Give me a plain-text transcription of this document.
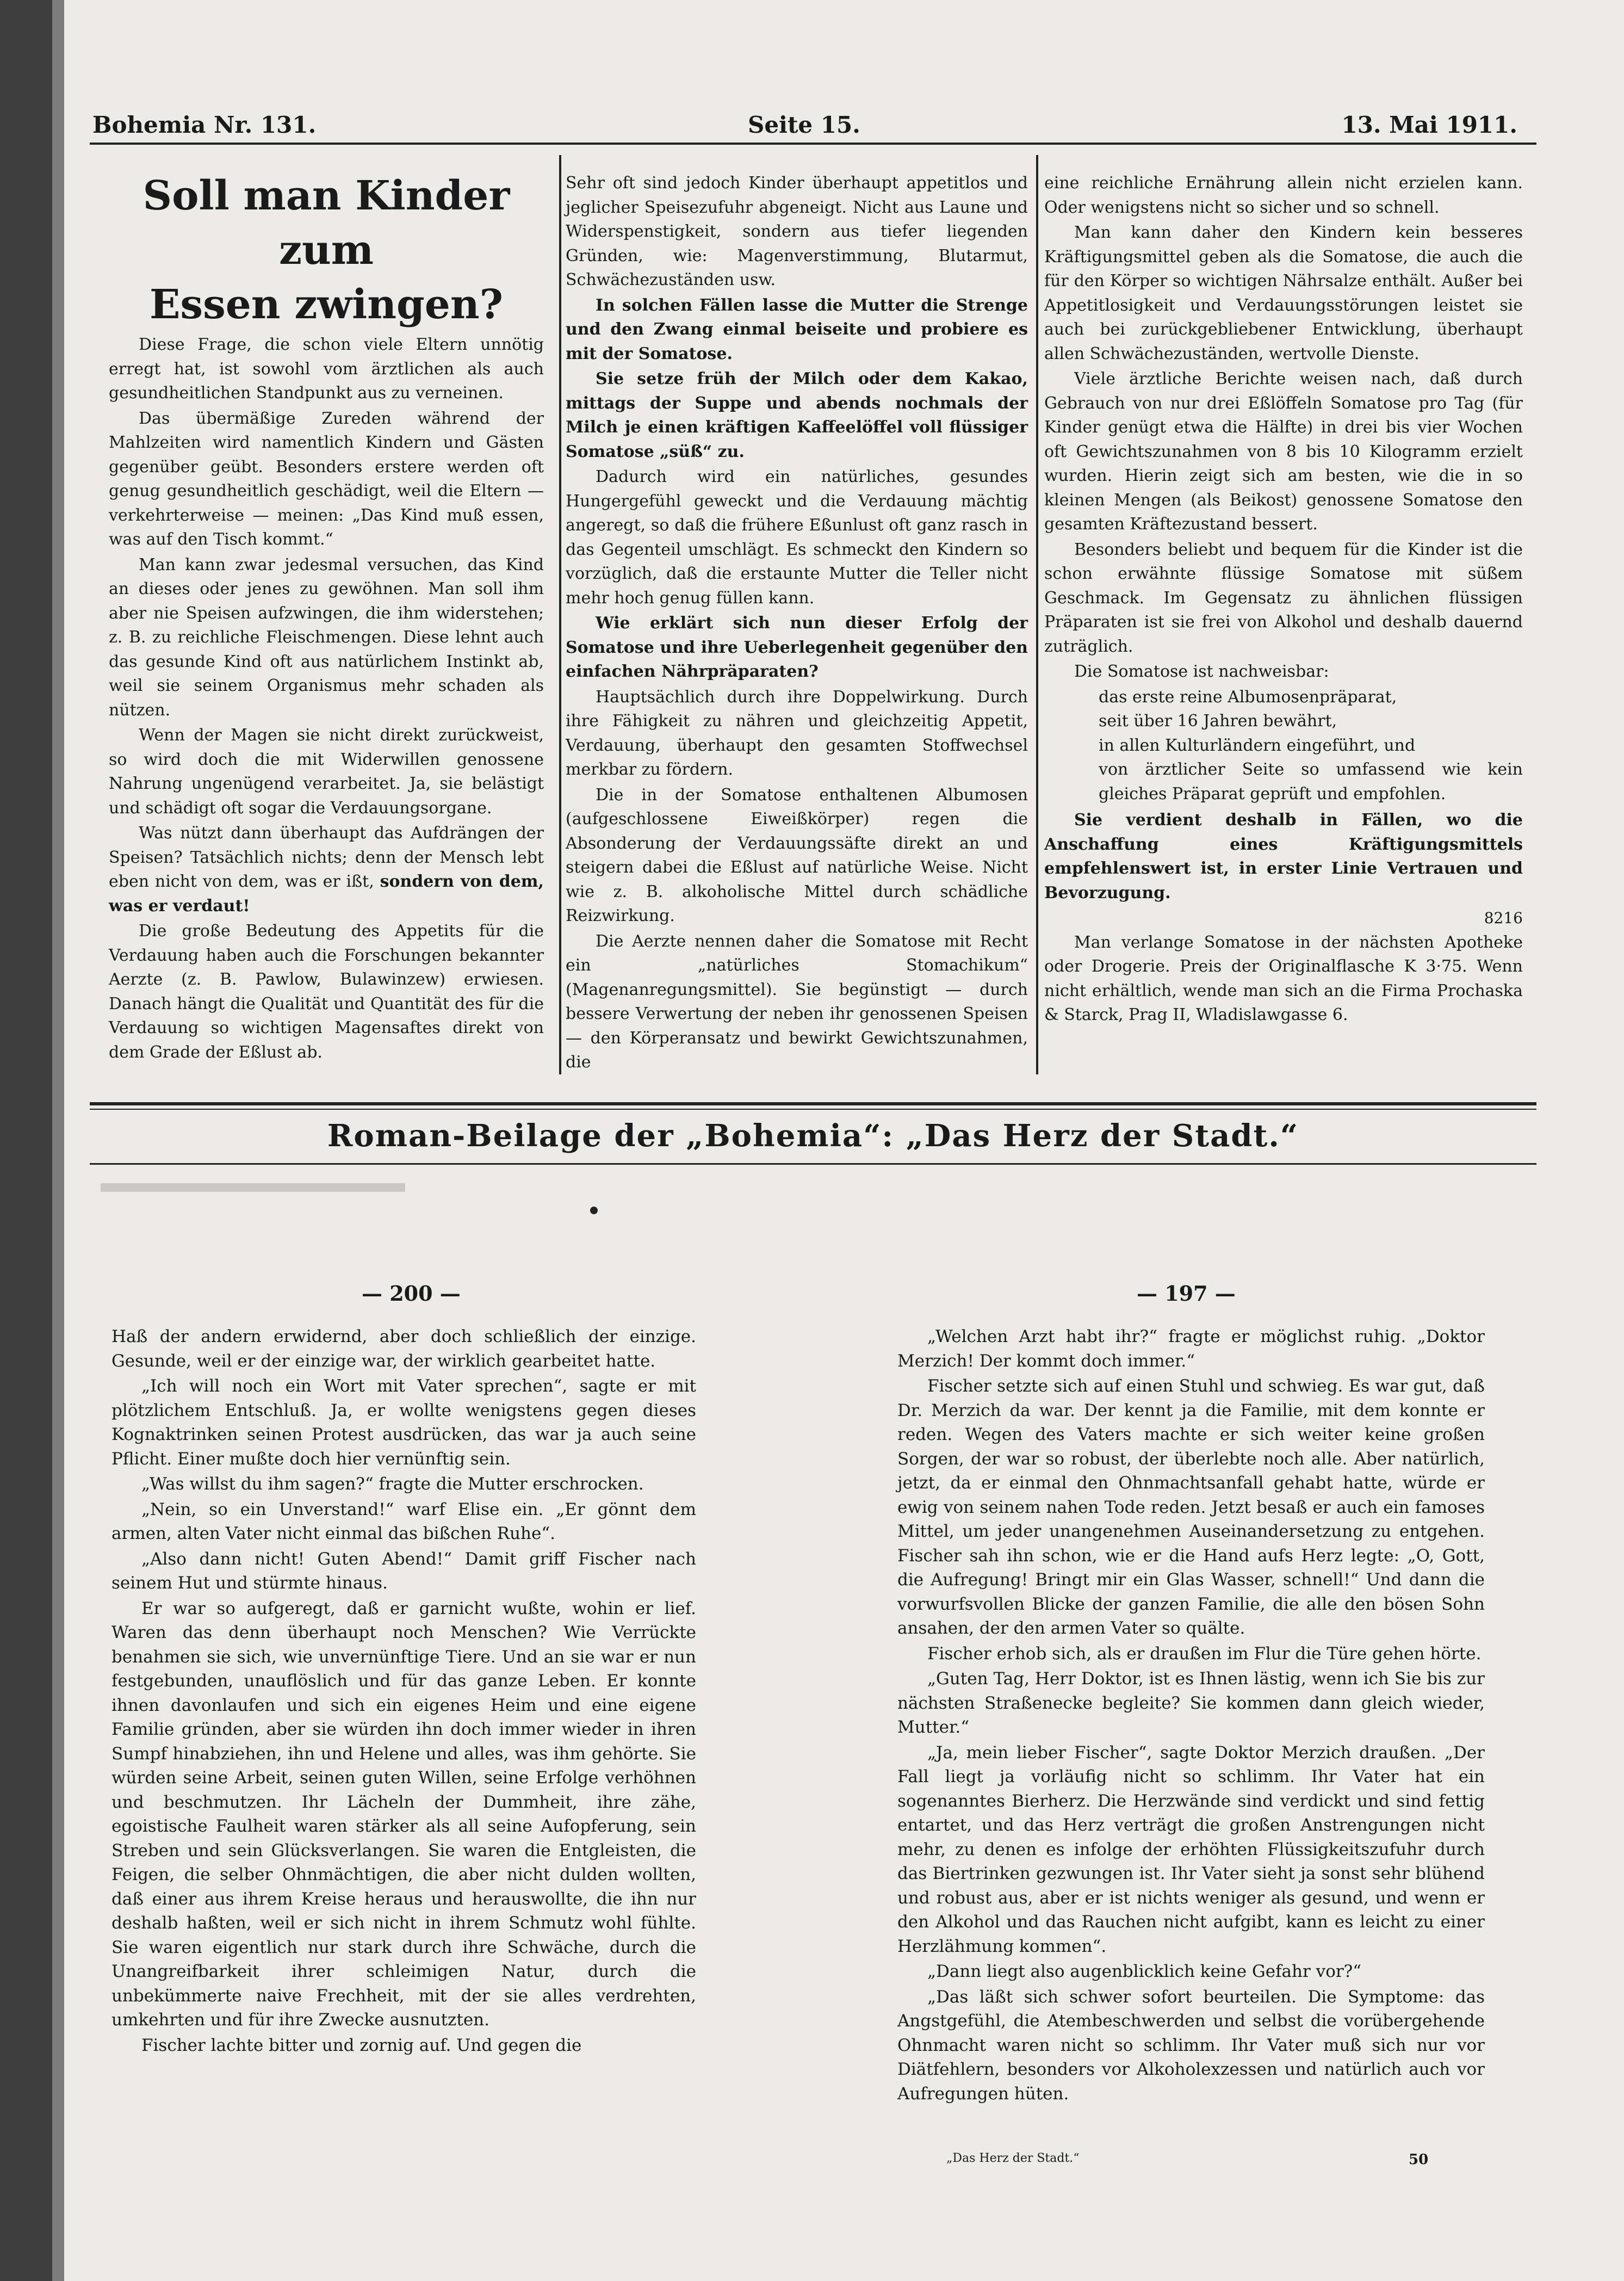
Bohemia Nr. 131.	Seite 15.	13. Mai 1911.

Soll man Kinder zum
Essen zwingen?

Diese Frage, die schon viele Eltern unnötig erregt hat, ist sowohl vom ärztlichen als auch gesundheitlichen Standpunkt aus zu verneinen.

Das übermäßige Zureden während der Mahlzeiten wird namentlich Kindern und Gästen gegenüber geübt. Besonders erstere werden oft genug gesundheitlich geschädigt, weil die Eltern — verkehrterweise — meinen: „Das Kind muß essen, was auf den Tisch kommt.“

Man kann zwar jedesmal versuchen, das Kind an dieses oder jenes zu gewöhnen. Man soll ihm aber nie Speisen aufzwingen, die ihm widerstehen; z. B. zu reichliche Fleischmengen. Diese lehnt auch das gesunde Kind oft aus natürlichem Instinkt ab, weil sie seinem Organismus mehr schaden als nützen.

Wenn der Magen sie nicht direkt zurückweist, so wird doch die mit Widerwillen genossene Nahrung ungenügend verarbeitet. Ja, sie belästigt und schädigt oft sogar die Verdauungsorgane.

Was nützt dann überhaupt das Aufdrängen der Speisen? Tatsächlich nichts; denn der Mensch lebt eben nicht von dem, was er ißt, sondern von dem, was er verdaut!

Die große Bedeutung des Appetits für die Verdauung haben auch die Forschungen bekannter Aerzte (z. B. Pawlow, Bulawinzew) erwiesen. Danach hängt die Qualität und Quantität des für die Verdauung so wichtigen Magensaftes direkt von dem Grade der Eßlust ab.

Sehr oft sind jedoch Kinder überhaupt appetitlos und jeglicher Speisezufuhr abgeneigt. Nicht aus Laune und Widerspenstigkeit, sondern aus tiefer liegenden Gründen, wie: Magenverstimmung, Blutarmut, Schwächezuständen usw.

In solchen Fällen lasse die Mutter die Strenge und den Zwang einmal beiseite und probiere es mit der Somatose.

Sie setze früh der Milch oder dem Kakao, mittags der Suppe und abends nochmals der Milch je einen kräftigen Kaffeelöffel voll flüssiger Somatose „süß“ zu.

Dadurch wird ein natürliches, gesundes Hungergefühl geweckt und die Verdauung mächtig angeregt, so daß die frühere Eßunlust oft ganz rasch in das Gegenteil umschlägt. Es schmeckt den Kindern so vorzüglich, daß die erstaunte Mutter die Teller nicht mehr hoch genug füllen kann.

Wie erklärt sich nun dieser Erfolg der Somatose und ihre Ueberlegenheit gegenüber den einfachen Nährpräparaten?

Hauptsächlich durch ihre Doppelwirkung. Durch ihre Fähigkeit zu nähren und gleichzeitig Appetit, Verdauung, überhaupt den gesamten Stoffwechsel merkbar zu fördern.

Die in der Somatose enthaltenen Albumosen (aufgeschlossene Eiweißkörper) regen die Absonderung der Verdauungssäfte direkt an und steigern dabei die Eßlust auf natürliche Weise. Nicht wie z. B. alkoholische Mittel durch schädliche Reizwirkung.

Die Aerzte nennen daher die Somatose mit Recht ein „natürliches Stomachikum“ (Magenanregungsmittel). Sie begünstigt — durch bessere Verwertung der neben ihr genossenen Speisen — den Körperansatz und bewirkt Gewichtszunahmen, die

eine reichliche Ernährung allein nicht erzielen kann. Oder wenigstens nicht so sicher und so schnell.

Man kann daher den Kindern kein besseres Kräftigungsmittel geben als die Somatose, die auch die für den Körper so wichtigen Nährsalze enthält. Außer bei Appetitlosigkeit und Verdauungsstörungen leistet sie auch bei zurückgebliebener Entwicklung, überhaupt allen Schwächezuständen, wertvolle Dienste.

Viele ärztliche Berichte weisen nach, daß durch Gebrauch von nur drei Eßlöffeln Somatose pro Tag (für Kinder genügt etwa die Hälfte) in drei bis vier Wochen oft Gewichtszunahmen von 8 bis 10 Kilogramm erzielt wurden. Hierin zeigt sich am besten, wie die in so kleinen Mengen (als Beikost) genossene Somatose den gesamten Kräftezustand bessert.

Besonders beliebt und bequem für die Kinder ist die schon erwähnte flüssige Somatose mit süßem Geschmack. Im Gegensatz zu ähnlichen flüssigen Präparaten ist sie frei von Alkohol und deshalb dauernd zuträglich.

Die Somatose ist nachweisbar:

das erste reine Albumosenpräparat,
seit über 16 Jahren bewährt,
in allen Kulturländern eingeführt, und
von ärztlicher Seite so umfassend wie kein gleiches Präparat geprüft und empfohlen.

Sie verdient deshalb in Fällen, wo die Anschaffung eines Kräftigungsmittels empfehlenswert ist, in erster Linie Vertrauen und Bevorzugung.

8216

Man verlange Somatose in der nächsten Apotheke oder Drogerie. Preis der Originalflasche K 3·75. Wenn nicht erhältlich, wende man sich an die Firma Prochaska & Starck, Prag II, Wladislawgasse 6.

Roman-Beilage der „Bohemia“: „Das Herz der Stadt.“
— 200 —	— 197 —

Haß der andern erwidernd, aber doch schließlich der einzige. Gesunde, weil er der einzige war, der wirklich gearbeitet hatte.

„Ich will noch ein Wort mit Vater sprechen“, sagte er mit plötzlichem Entschluß. Ja, er wollte wenigstens gegen dieses Kognaktrinken seinen Protest ausdrücken, das war ja auch seine Pflicht. Einer mußte doch hier vernünftig sein.

„Was willst du ihm sagen?“ fragte die Mutter erschrocken.

„Nein, so ein Unverstand!“ warf Elise ein. „Er gönnt dem armen, alten Vater nicht einmal das bißchen Ruhe“.

„Also dann nicht! Guten Abend!“ Damit griff Fischer nach seinem Hut und stürmte hinaus.

Er war so aufgeregt, daß er garnicht wußte, wohin er lief. Waren das denn überhaupt noch Menschen? Wie Verrückte benahmen sie sich, wie unvernünftige Tiere. Und an sie war er nun festgebunden, unauflöslich und für das ganze Leben. Er konnte ihnen davonlaufen und sich ein eigenes Heim und eine eigene Familie gründen, aber sie würden ihn doch immer wieder in ihren Sumpf hinabziehen, ihn und Helene und alles, was ihm gehörte. Sie würden seine Arbeit, seinen guten Willen, seine Erfolge verhöhnen und beschmutzen. Ihr Lächeln der Dummheit, ihre zähe, egoistische Faulheit waren stärker als all seine Aufopferung, sein Streben und sein Glücksverlangen. Sie waren die Entgleisten, die Feigen, die selber Ohnmächtigen, die aber nicht dulden wollten, daß einer aus ihrem Kreise heraus und herauswollte, die ihn nur deshalb haßten, weil er sich nicht in ihrem Schmutz wohl fühlte. Sie waren eigentlich nur stark durch ihre Schwäche, durch die Unangreifbarkeit ihrer schleimigen Natur, durch die unbekümmerte naive Frechheit, mit der sie alles verdrehten, umkehrten und für ihre Zwecke ausnutzten.

Fischer lachte bitter und zornig auf. Und gegen die

„Welchen Arzt habt ihr?“ fragte er möglichst ruhig. „Doktor Merzich! Der kommt doch immer.“

Fischer setzte sich auf einen Stuhl und schwieg. Es war gut, daß Dr. Merzich da war. Der kennt ja die Familie, mit dem konnte er reden. Wegen des Vaters machte er sich weiter keine großen Sorgen, der war so robust, der überlebte noch alle. Aber natürlich, jetzt, da er einmal den Ohnmachtsanfall gehabt hatte, würde er ewig von seinem nahen Tode reden. Jetzt besaß er auch ein famoses Mittel, um jeder unangenehmen Auseinandersetzung zu entgehen. Fischer sah ihn schon, wie er die Hand aufs Herz legte: „O, Gott, die Aufregung! Bringt mir ein Glas Wasser, schnell!“ Und dann die vorwurfsvollen Blicke der ganzen Familie, die alle den bösen Sohn ansahen, der den armen Vater so quälte.

Fischer erhob sich, als er draußen im Flur die Türe gehen hörte.

„Guten Tag, Herr Doktor, ist es Ihnen lästig, wenn ich Sie bis zur nächsten Straßenecke begleite? Sie kommen dann gleich wieder, Mutter.“

„Ja, mein lieber Fischer“, sagte Doktor Merzich draußen. „Der Fall liegt ja vorläufig nicht so schlimm. Ihr Vater hat ein sogenanntes Bierherz. Die Herzwände sind verdickt und sind fettig entartet, und das Herz verträgt die großen Anstrengungen nicht mehr, zu denen es infolge der erhöhten Flüssigkeitszufuhr durch das Biertrinken gezwungen ist. Ihr Vater sieht ja sonst sehr blühend und robust aus, aber er ist nichts weniger als gesund, und wenn er den Alkohol und das Rauchen nicht aufgibt, kann es leicht zu einer Herzlähmung kommen“.

„Dann liegt also augenblicklich keine Gefahr vor?“

„Das läßt sich schwer sofort beurteilen. Die Symptome: das Angstgefühl, die Atembeschwerden und selbst die vorübergehende Ohnmacht waren nicht so schlimm. Ihr Vater muß sich nur vor Diätfehlern, besonders vor Alkoholexzessen und natürlich auch vor Aufregungen hüten.

„Das Herz der Stadt.“	50
